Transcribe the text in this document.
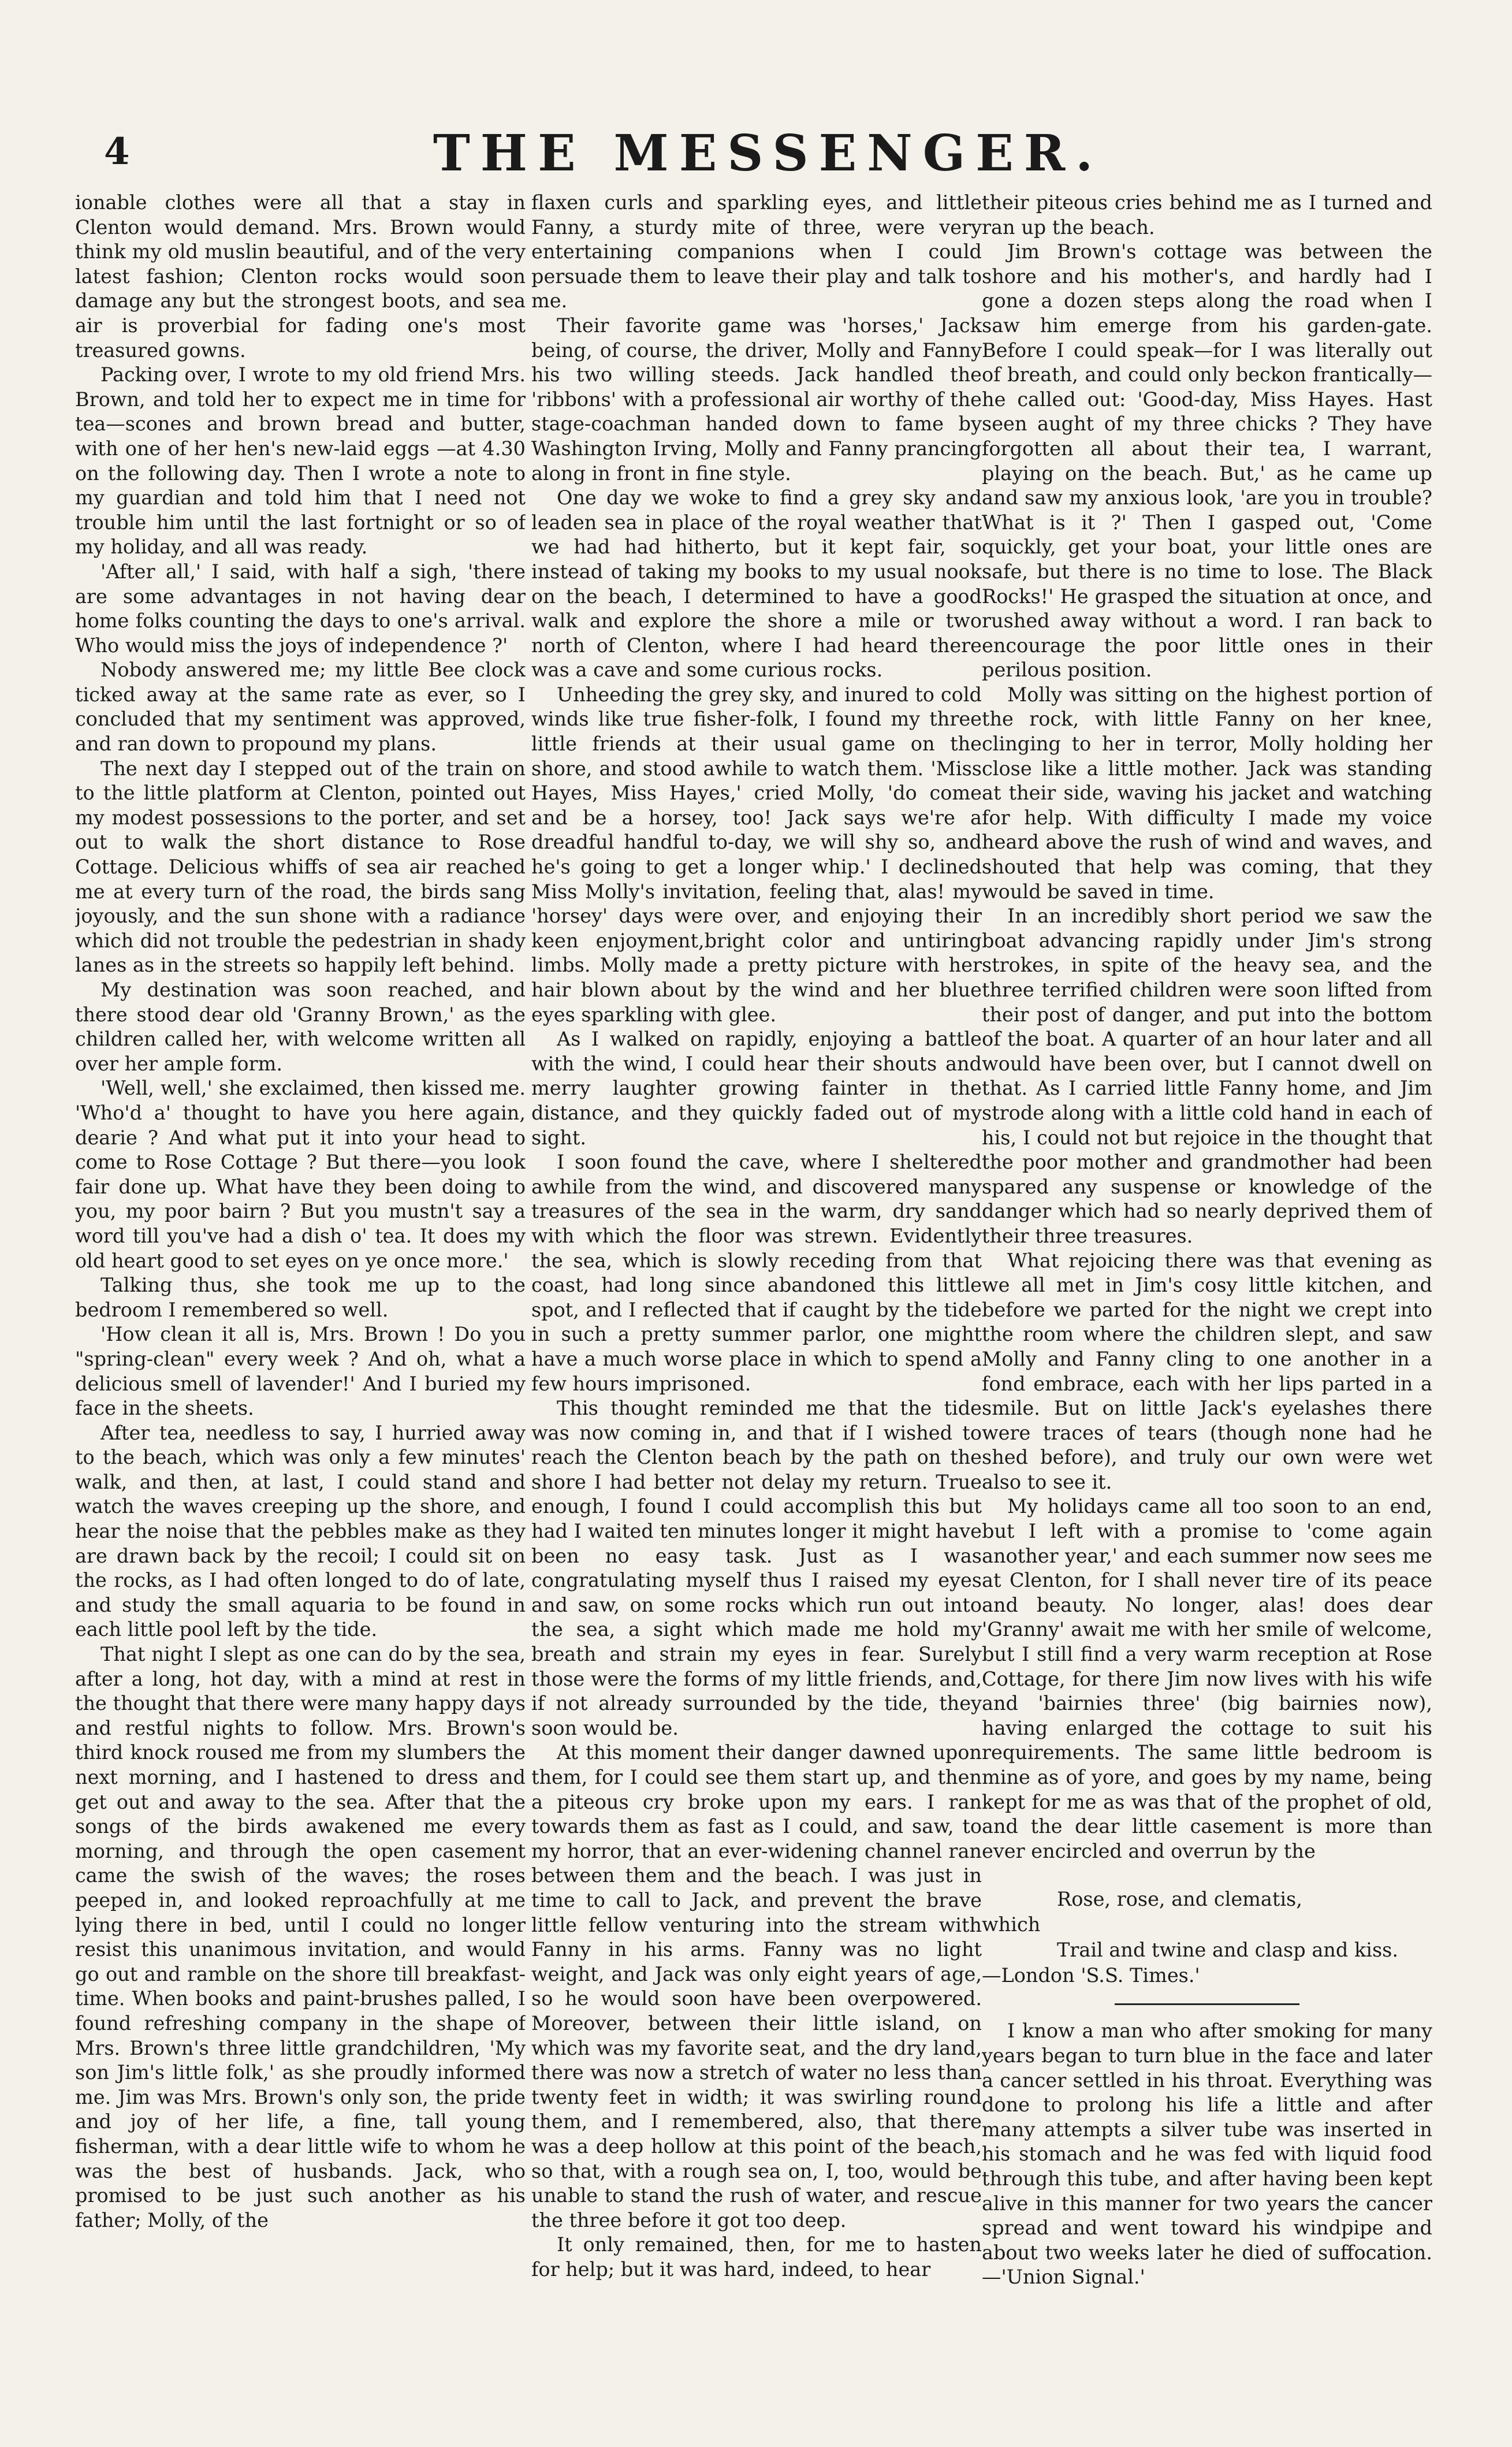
4	THE MESSENGER.

ionable clothes were all that a stay in Clenton would demand. Mrs. Brown would think my old muslin beautiful, and of the very latest fashion; Clenton rocks would soon damage any but the strongest boots, and sea air is proverbial for fading one's most treasured gowns.

Packing over, I wrote to my old friend Mrs. Brown, and told her to expect me in time for tea—scones and brown bread and butter, with one of her hen's new-laid eggs —at 4.30 on the following day. Then I wrote a note to my guardian and told him that I need not trouble him until the last fortnight or so of my holiday, and all was ready.

'After all,' I said, with half a sigh, 'there are some advantages in not having dear home folks counting the days to one's arrival. Who would miss the joys of independence ?'

Nobody answered me; my little Bee clock ticked away at the same rate as ever, so I concluded that my sentiment was approved, and ran down to propound my plans.

The next day I stepped out of the train on to the little platform at Clenton, pointed out my modest possessions to the porter, and set out to walk the short distance to Rose Cottage. Delicious whiffs of sea air reached me at every turn of the road, the birds sang joyously, and the sun shone with a radiance which did not trouble the pedestrian in shady lanes as in the streets so happily left behind.

My destination was soon reached, and there stood dear old 'Granny Brown,' as the children called her, with welcome written all over her ample form.

'Well, well,' she exclaimed, then kissed me. 'Who'd a' thought to have you here again, dearie ? And what put it into your head to come to Rose Cottage ? But there—you look fair done up. What have they been doing to you, my poor bairn ? But you mustn't say a word till you've had a dish o' tea. It does my old heart good to set eyes on ye once more.'

Talking thus, she took me up to the bedroom I remembered so well.

'How clean it all is, Mrs. Brown ! Do you "spring-clean" every week ? And oh, what a delicious smell of lavender!' And I buried my face in the sheets.

After tea, needless to say, I hurried away to the beach, which was only a few minutes' walk, and then, at last, I could stand and watch the waves creeping up the shore, and hear the noise that the pebbles make as they are drawn back by the recoil; I could sit on the rocks, as I had often longed to do of late, and study the small aquaria to be found in each little pool left by the tide.

That night I slept as one can do by the sea, after a long, hot day, with a mind at rest in the thought that there were many happy days and restful nights to follow. Mrs. Brown's third knock roused me from my slumbers the next morning, and I hastened to dress and get out and away to the sea. After that the songs of the birds awakened me every morning, and through the open casement came the swish of the waves; the roses peeped in, and looked reproachfully at me lying there in bed, until I could no longer resist this unanimous invitation, and would go out and ramble on the shore till breakfast-time. When books and paint-brushes palled, I found refreshing company in the shape of Mrs. Brown's three little grandchildren, 'My son Jim's little folk,' as she proudly informed me. Jim was Mrs. Brown's only son, the pride and joy of her life, a fine, tall young fisherman, with a dear little wife to whom he was the best of husbands. Jack, who promised to be just such another as his father; Molly, of the

flaxen curls and sparkling eyes, and little Fanny, a sturdy mite of three, were very entertaining companions when I could persuade them to leave their play and talk to me.

Their favorite game was 'horses,' Jack being, of course, the driver, Molly and Fanny his two willing steeds. Jack handled the 'ribbons' with a professional air worthy of the stage-coachman handed down to fame by Washington Irving, Molly and Fanny prancing along in front in fine style.

One day we woke to find a grey sky and leaden sea in place of the royal weather that we had had hitherto, but it kept fair, so instead of taking my books to my usual nook on the beach, I determined to have a good walk and explore the shore a mile or two north of Clenton, where I had heard there was a cave and some curious rocks.

Unheeding the grey sky, and inured to cold winds like true fisher-folk, I found my three little friends at their usual game on the shore, and stood awhile to watch them. 'Miss Hayes, Miss Hayes,' cried Molly, 'do come and be a horsey, too! Jack says we're a dreadful handful to-day, we will shy so, and he's going to get a longer whip.' I declined Miss Molly's invitation, feeling that, alas! my 'horsey' days were over, and enjoying their keen enjoyment,bright color and untiring limbs. Molly made a pretty picture with her hair blown about by the wind and her blue eyes sparkling with glee.

As I walked on rapidly, enjoying a battle with the wind, I could hear their shouts and merry laughter growing fainter in the distance, and they quickly faded out of my sight.

I soon found the cave, where I sheltered awhile from the wind, and discovered many treasures of the sea in the warm, dry sand with which the floor was strewn. Evidently the sea, which is slowly receding from that coast, had long since abandoned this little spot, and I reflected that if caught by the tide in such a pretty summer parlor, one might have a much worse place in which to spend a few hours imprisoned.

This thought reminded me that the tide was now coming in, and that if I wished to reach the Clenton beach by the path on the shore I had better not delay my return. True enough, I found I could accomplish this but had I waited ten minutes longer it might have been no easy task. Just as I was congratulating myself thus I raised my eyes and saw, on some rocks which run out into the sea, a sight which made me hold my breath and strain my eyes in fear. Surely those were the forms of my little friends, and, if not already surrounded by the tide, they soon would be.

At this moment their danger dawned upon them, for I could see them start up, and then a piteous cry broke upon my ears. I ran towards them as fast as I could, and saw, to my horror, that an ever-widening channel ran between them and the beach. I was just in time to call to Jack, and prevent the brave little fellow venturing into the stream with Fanny in his arms. Fanny was no light weight, and Jack was only eight years of age, so he would soon have been overpowered. Moreover, between their little island, on which was my favorite seat, and the dry land, there was now a stretch of water no less than twenty feet in width; it was swirling round them, and I remembered, also, that there was a deep hollow at this point of the beach, so that, with a rough sea on, I, too, would be unable to stand the rush of water, and rescue the three before it got too deep.

It only remained, then, for me to hasten for help; but it was hard, indeed, to hear

their piteous cries behind me as I turned and ran up the beach.

Jim Brown's cottage was between the shore and his mother's, and hardly had I gone a dozen steps along the road when I saw him emerge from his garden-gate. Before I could speak—for I was literally out of breath, and could only beckon frantically—he called out: 'Good-day, Miss Hayes. Hast seen aught of my three chicks ? They have forgotten all about their tea, I warrant, playing on the beach. But,' as he came up and saw my anxious look, 'are you in trouble? What is it ?' Then I gasped out, 'Come quickly, get your boat, your little ones are safe, but there is no time to lose. The Black Rocks!' He grasped the situation at once, and rushed away without a word. I ran back to encourage the poor little ones in their perilous position.

Molly was sitting on the highest portion of the rock, with little Fanny on her knee, clinging to her in terror, Molly holding her close like a little mother. Jack was standing at their side, waving his jacket and watching for help. With difficulty I made my voice heard above the rush of wind and waves, and shouted that help was coming, that they would be saved in time.

In an incredibly short period we saw the boat advancing rapidly under Jim's strong strokes, in spite of the heavy sea, and the three terrified children were soon lifted from their post of danger, and put into the bottom of the boat. A quarter of an hour later and all would have been over, but I cannot dwell on that. As I carried little Fanny home, and Jim strode along with a little cold hand in each of his, I could not but rejoice in the thought that the poor mother and grandmother had been spared any suspense or knowledge of the danger which had so nearly deprived them of their three treasures.

What rejoicing there was that evening as we all met in Jim's cosy little kitchen, and before we parted for the night we crept into the room where the children slept, and saw Molly and Fanny cling to one another in a fond embrace, each with her lips parted in a smile. But on little Jack's eyelashes there were traces of tears (though none had he shed before), and truly our own were wet also to see it.

My holidays came all too soon to an end, but I left with a promise to 'come again another year,' and each summer now sees me at Clenton, for I shall never tire of its peace and beauty. No longer, alas! does dear 'Granny' await me with her smile of welcome, but I still find a very warm reception at Rose Cottage, for there Jim now lives with his wife and 'bairnies three' (big bairnies now), having enlarged the cottage to suit his requirements. The same little bedroom is mine as of yore, and goes by my name, being kept for me as was that of the prophet of old, and the dear little casement is more than ever encircled and overrun by the

Rose, rose, and clematis,
which
Trail and twine and clasp and kiss.
—London 'S.S. Times.'

I know a man who after smoking for many years began to turn blue in the face and later a cancer settled in his throat. Everything was done to prolong his life a little and after many attempts a silver tube was inserted in his stomach and he was fed with liquid food through this tube, and after having been kept alive in this manner for two years the cancer spread and went toward his windpipe and about two weeks later he died of suffocation.—'Union Signal.'
